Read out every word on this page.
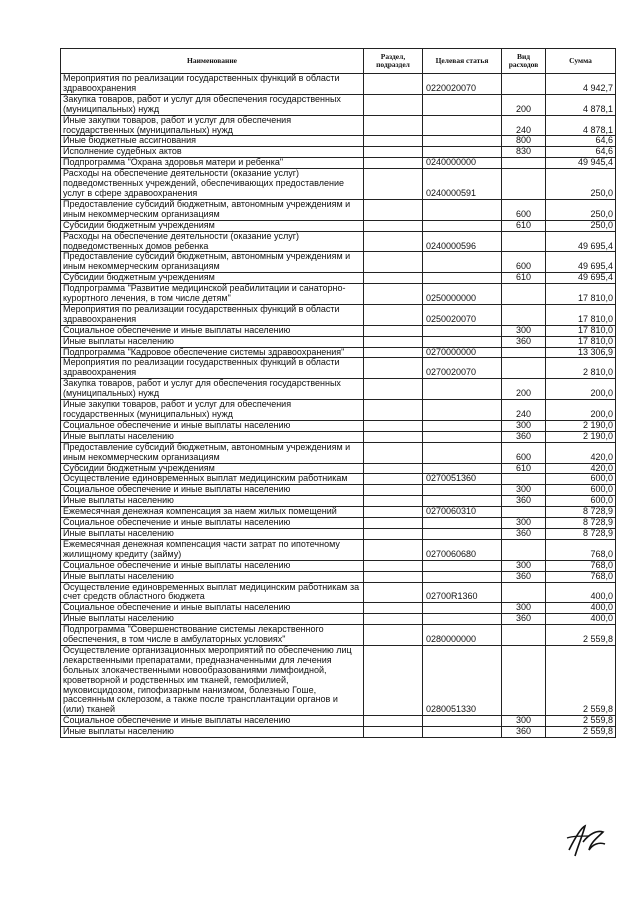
Наименование	Раздел, подраздел	Целевая статья	Вид расходов	Сумма
Мероприятия по реализации государственных функций в области здравоохранения		0220020070		4 942,7
Закупка товаров, работ и услуг для обеспечения государственных (муниципальных) нужд			200	4 878,1
Иные закупки товаров, работ и услуг для обеспечения государственных (муниципальных) нужд			240	4 878,1
Иные бюджетные ассигнования			800	64,6
Исполнение судебных актов			830	64,6
Подпрограмма "Охрана здоровья матери и ребенка"		0240000000		49 945,4
Расходы на обеспечение деятельности (оказание услуг) подведомственных учреждений, обеспечивающих предоставление услуг в сфере здравоохранения		0240000591		250,0
Предоставление субсидий бюджетным, автономным учреждениям и иным некоммерческим организациям			600	250,0
Субсидии бюджетным учреждениям			610	250,0
Расходы на обеспечение деятельности (оказание услуг) подведомственных домов ребенка		0240000596		49 695,4
Предоставление субсидий бюджетным, автономным учреждениям и иным некоммерческим организациям			600	49 695,4
Субсидии бюджетным учреждениям			610	49 695,4
Подпрограмма "Развитие медицинской реабилитации и санаторно-курортного лечения, в том числе детям"		0250000000		17 810,0
Мероприятия по реализации государственных функций в области здравоохранения		0250020070		17 810,0
Социальное обеспечение и иные выплаты населению			300	17 810,0
Иные выплаты населению			360	17 810,0
Подпрограмма "Кадровое обеспечение системы здравоохранения"		0270000000		13 306,9
Мероприятия по реализации государственных функций в области здравоохранения		0270020070		2 810,0
Закупка товаров, работ и услуг для обеспечения государственных (муниципальных) нужд			200	200,0
Иные закупки товаров, работ и услуг для обеспечения государственных (муниципальных) нужд			240	200,0
Социальное обеспечение и иные выплаты населению			300	2 190,0
Иные выплаты населению			360	2 190,0
Предоставление субсидий бюджетным, автономным учреждениям и иным некоммерческим организациям			600	420,0
Субсидии бюджетным учреждениям			610	420,0
Осуществление единовременных выплат медицинским работникам		0270051360		600,0
Социальное обеспечение и иные выплаты населению			300	600,0
Иные выплаты населению			360	600,0
Ежемесячная денежная компенсация за наем жилых помещений		0270060310		8 728,9
Социальное обеспечение и иные выплаты населению			300	8 728,9
Иные выплаты населению			360	8 728,9
Ежемесячная денежная компенсация части затрат по ипотечному жилищному кредиту (займу)		0270060680		768,0
Социальное обеспечение и иные выплаты населению			300	768,0
Иные выплаты населению			360	768,0
Осуществление единовременных выплат медицинским работникам за счет средств областного бюджета		02700R1360		400,0
Социальное обеспечение и иные выплаты населению			300	400,0
Иные выплаты населению			360	400,0
Подпрограмма "Совершенствование системы лекарственного обеспечения, в том числе в амбулаторных условиях"		0280000000		2 559,8
Осуществление организационных мероприятий по обеспечению лиц лекарственными препаратами, предназначенными для лечения больных злокачественными новообразованиями лимфоидной, кроветворной и родственных им тканей, гемофилией, муковисцидозом, гипофизарным нанизмом, болезнью Гоше, рассеянным склерозом, а также после трансплантации органов и (или) тканей		0280051330		2 559,8
Социальное обеспечение и иные выплаты населению			300	2 559,8
Иные выплаты населению			360	2 559,8
